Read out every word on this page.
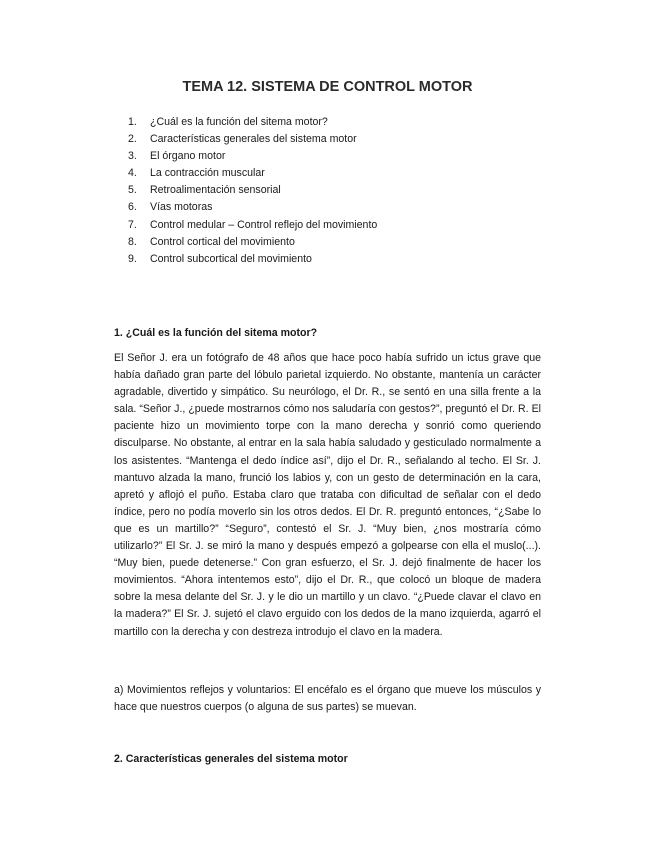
TEMA 12. SISTEMA DE CONTROL MOTOR
1. ¿Cuál es la función del sitema motor?
2. Características generales del sistema motor
3. El órgano motor
4. La contracción muscular
5. Retroalimentación sensorial
6. Vías motoras
7. Control medular – Control reflejo del movimiento
8. Control cortical del movimiento
9. Control subcortical del movimiento
1. ¿Cuál es la función del sitema motor?

El Señor J. era un fotógrafo de 48 años que hace poco había sufrido un ictus grave que había dañado gran parte del lóbulo parietal izquierdo. No obstante, mantenía un carácter agradable, divertido y simpático. Su neurólogo, el Dr. R., se sentó en una silla frente a la sala. “Señor J., ¿puede mostrarnos cómo nos saludaría con gestos?”, preguntó el Dr. R. El paciente hizo un movimiento torpe con la mano derecha y sonrió como queriendo disculparse. No obstante, al entrar en la sala había saludado y gesticulado normalmente a los asistentes. “Mantenga el dedo índice así”, dijo el Dr. R., señalando al techo. El Sr. J. mantuvo alzada la mano, frunció los labios y, con un gesto de determinación en la cara, apretó y aflojó el puño. Estaba claro que trataba con dificultad de señalar con el dedo índice, pero no podía moverlo sin los otros dedos. El Dr. R. preguntó entonces, “¿Sabe lo que es un martillo?” “Seguro”, contestó el Sr. J. “Muy bien, ¿nos mostraría cómo utilizarlo?” El Sr. J. se miró la mano y después empezó a golpearse con ella el muslo(...). “Muy bien, puede detenerse.” Con gran esfuerzo, el Sr. J. dejó finalmente de hacer los movimientos. “Ahora intentemos esto”, dijo el Dr. R., que colocó un bloque de madera sobre la mesa delante del Sr. J. y le dio un martillo y un clavo. “¿Puede clavar el clavo en la madera?” El Sr. J. sujetó el clavo erguido con los dedos de la mano izquierda, agarró el martillo con la derecha y con destreza introdujo el clavo en la madera.

a) Movimientos reflejos y voluntarios: El encéfalo es el órgano que mueve los músculos y hace que nuestros cuerpos (o alguna de sus partes) se muevan.

2. Características generales del sistema motor
